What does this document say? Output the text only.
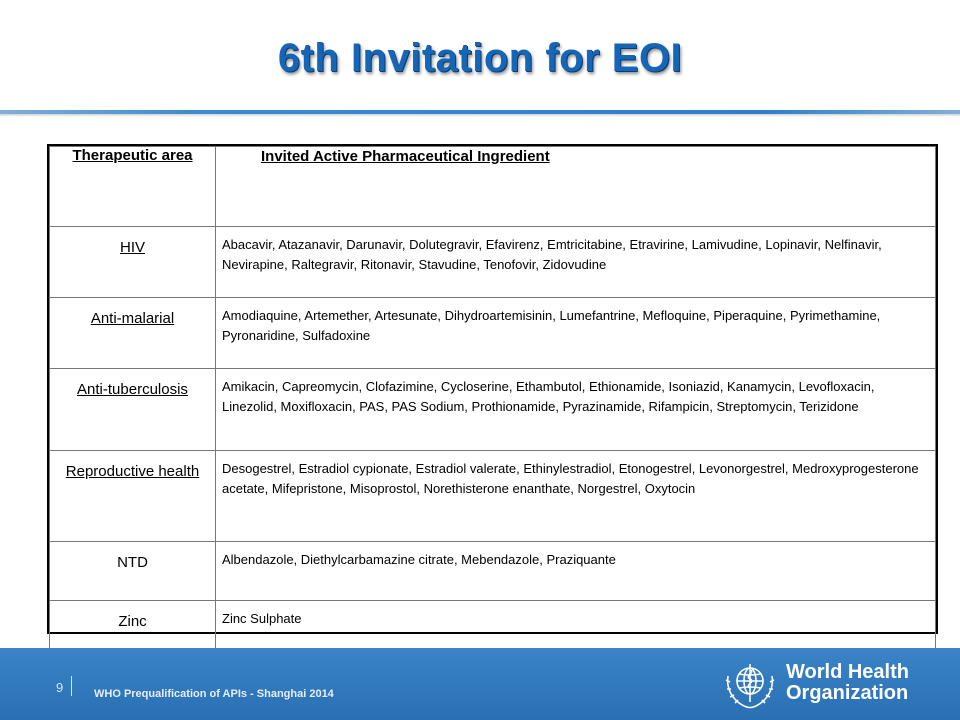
6th Invitation for EOI
Therapeutic area	Invited Active Pharmaceutical Ingredient
HIV	Abacavir, Atazanavir, Darunavir, Dolutegravir, Efavirenz, Emtricitabine, Etravirine, Lamivudine, Lopinavir, Nelfinavir, Nevirapine, Raltegravir, Ritonavir, Stavudine, Tenofovir, Zidovudine
Anti-malarial	Amodiaquine, Artemether, Artesunate, Dihydroartemisinin, Lumefantrine, Mefloquine, Piperaquine, Pyrimethamine, Pyronaridine, Sulfadoxine
Anti-tuberculosis	Amikacin, Capreomycin, Clofazimine, Cycloserine, Ethambutol, Ethionamide, Isoniazid, Kanamycin, Levofloxacin, Linezolid, Moxifloxacin, PAS, PAS Sodium, Prothionamide, Pyrazinamide, Rifampicin, Streptomycin, Terizidone
Reproductive health	Desogestrel, Estradiol cypionate, Estradiol valerate, Ethinylestradiol, Etonogestrel, Levonorgestrel, Medroxyprogesterone acetate, Mifepristone, Misoprostol, Norethisterone enanthate, Norgestrel, Oxytocin
NTD	Albendazole, Diethylcarbamazine citrate, Mebendazole, Praziquante
Zinc	Zinc Sulphate

9	WHO Prequalification of APIs - Shanghai 2014
World Health
Organization
